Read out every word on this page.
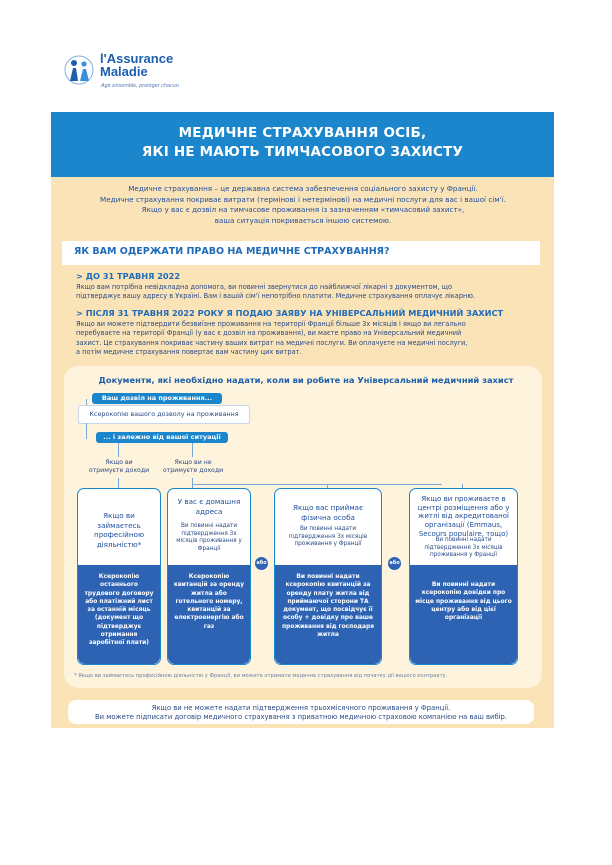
l'Assurance
Maladie
Agir ensemble, protéger chacun
МЕДИЧНЕ СТРАХУВАННЯ ОСІБ,
ЯКІ НЕ МАЮТЬ ТИМЧАСОВОГО ЗАХИСТУ
Медичне страхування – це державна система забезпечення соціального захисту у Франції.
Медичне страхування покриває витрати (термінові і нетермінові) на медичні послуги для вас і вашої сім'ї.
Якщо у вас є дозвіл на тимчасове проживання із зазначенням «тимчасовий захист»,
ваша ситуація покривається іншою системою.
ЯК ВАМ ОДЕРЖАТИ ПРАВО НА МЕДИЧНЕ СТРАХУВАННЯ?
> ДО 31 ТРАВНЯ 2022
Якщо вам потрібна невідкладна допомога, ви повинні звернутися до найближчої лікарні з документом, що
підтверджує вашу адресу в Україні. Вам і вашій сім'ї непотрібно платити. Медичне страхування оплачує лікарню.
> ПІСЛЯ 31 ТРАВНЯ 2022 РОКУ Я ПОДАЮ ЗАЯВУ НА УНІВЕРСАЛЬНИЙ МЕДИЧНИЙ ЗАХИСТ
Якщо ви можете підтвердити безвиїзне проживання на території Франції більше 3х місяців і якщо ви легально
перебуваєте на території Франції (у вас є дозвіл на проживання), ви маєте право на Універсальний медичний
захист. Це страхування покриває частину ваших витрат на медичні послуги. Ви оплачуєте на медичні послуги,
а потім медичне страхування повертає вам частину цих витрат.
Документи, які необхідно надати, коли ви робите на Універсальний медичний захист
Ваш дозвіл на проживання...
Ксерокопію вашого дозволу на проживання
... і залежно від вашої ситуації
Якщо ви отримуєте доходи
Якщо ви не отримуєте доходи
Якщо ви займаєтесь професійною діяльністю*
Ксерокопію останнього трудового договору або платіжний лист за останній місяць (документ що підтверджує отримання заробітної плати)
У вас є домашня адреса
Ви повинні надати підтвердження 3х місяців проживання у Франції
Ксерокопію квитанцій за оренду житла або готельного номеру, квитанцій за електроенергію або газ
або
Якщо вас приймає фізична особа
Ви повинні надати підтвердження 3х місяців проживання у Франції
Ви повинні надати ксерокопію квитанцій за оренду плату житла від приймаючої сторони ТА документ, що посвідчує її особу + довідку про ваше проживання від господаря житла
або
Якщо ви проживаєте в центрі розміщення або у житлі від акредитованої організації (Emmaus, Secours populaire, тощо)
Ви повинні надати підтвердження 3х місяців проживання у Франції
Ви повинні надати ксерокопію довідки про місце проживання від цього центру або від цієї організації
* Якщо ви займаєтесь професійною діяльністю у Франції, ви можете отримати медичне страхування від початку дії вашого контракту.
Якщо ви не можете надати підтвердження трьохмісячного проживання у Франції.
Ви можете підписати договір медичного страхування з приватною медичною страховою компанією на ваш вибір.
